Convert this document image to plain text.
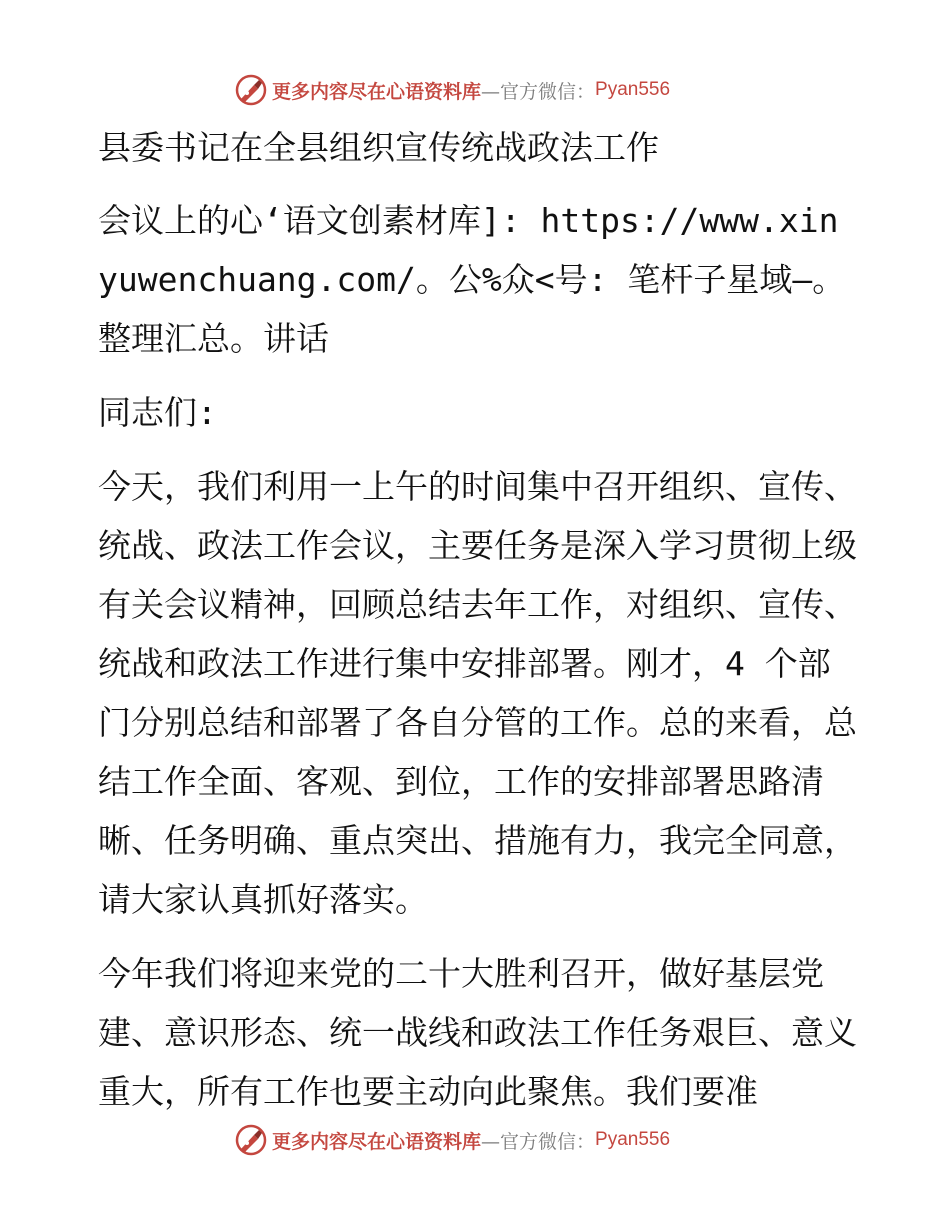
更多内容尽在心语资料库 —官方微信： Pyan556

县委书记在全县组织宣传统战政法工作

会议上的心‘语文创素材库]: https://www.xinyuwenchuang.com/。公%众<号: 笔杆子星域—。整理汇总。讲话

同志们:

今天，我们利用一上午的时间集中召开组织、宣传、统战、政法工作会议，主要任务是深入学习贯彻上级有关会议精神，回顾总结去年工作，对组织、宣传、统战和政法工作进行集中安排部署。刚才，4 个部门分别总结和部署了各自分管的工作。总的来看，总结工作全面、客观、到位，工作的安排部署思路清晰、任务明确、重点突出、措施有力，我完全同意，请大家认真抓好落实。

今年我们将迎来党的二十大胜利召开，做好基层党建、意识形态、统一战线和政法工作任务艰巨、意义重大，所有工作也要主动向此聚焦。我们要准

更多内容尽在心语资料库 —官方微信： Pyan556
